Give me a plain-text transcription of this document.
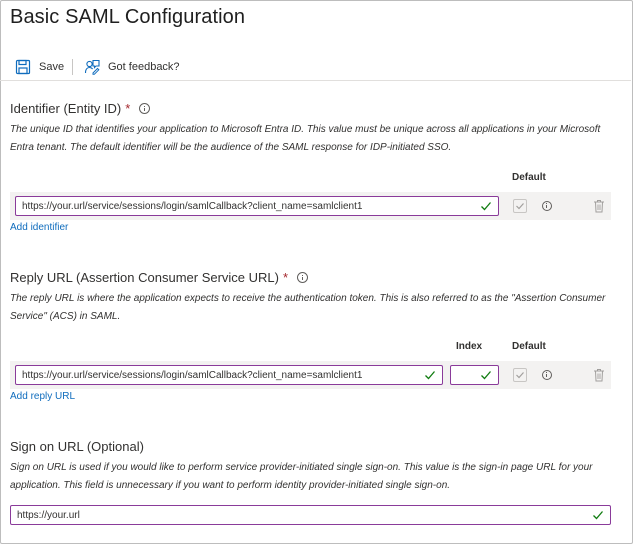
Basic SAML Configuration
Save	Got feedback?
Identifier (Entity ID) *
The unique ID that identifies your application to Microsoft Entra ID. This value must be unique across all applications in your Microsoft Entra tenant. The default identifier will be the audience of the SAML response for IDP-initiated SSO.
Default
https://your.url/service/sessions/login/samlCallback?client_name=samlclient1
Add identifier
Reply URL (Assertion Consumer Service URL) *
The reply URL is where the application expects to receive the authentication token. This is also referred to as the "Assertion Consumer Service" (ACS) in SAML.
Index	Default
https://your.url/service/sessions/login/samlCallback?client_name=samlclient1
Add reply URL
Sign on URL (Optional)
Sign on URL is used if you would like to perform service provider-initiated single sign-on. This value is the sign-in page URL for your application. This field is unnecessary if you want to perform identity provider-initiated single sign-on.
https://your.url
